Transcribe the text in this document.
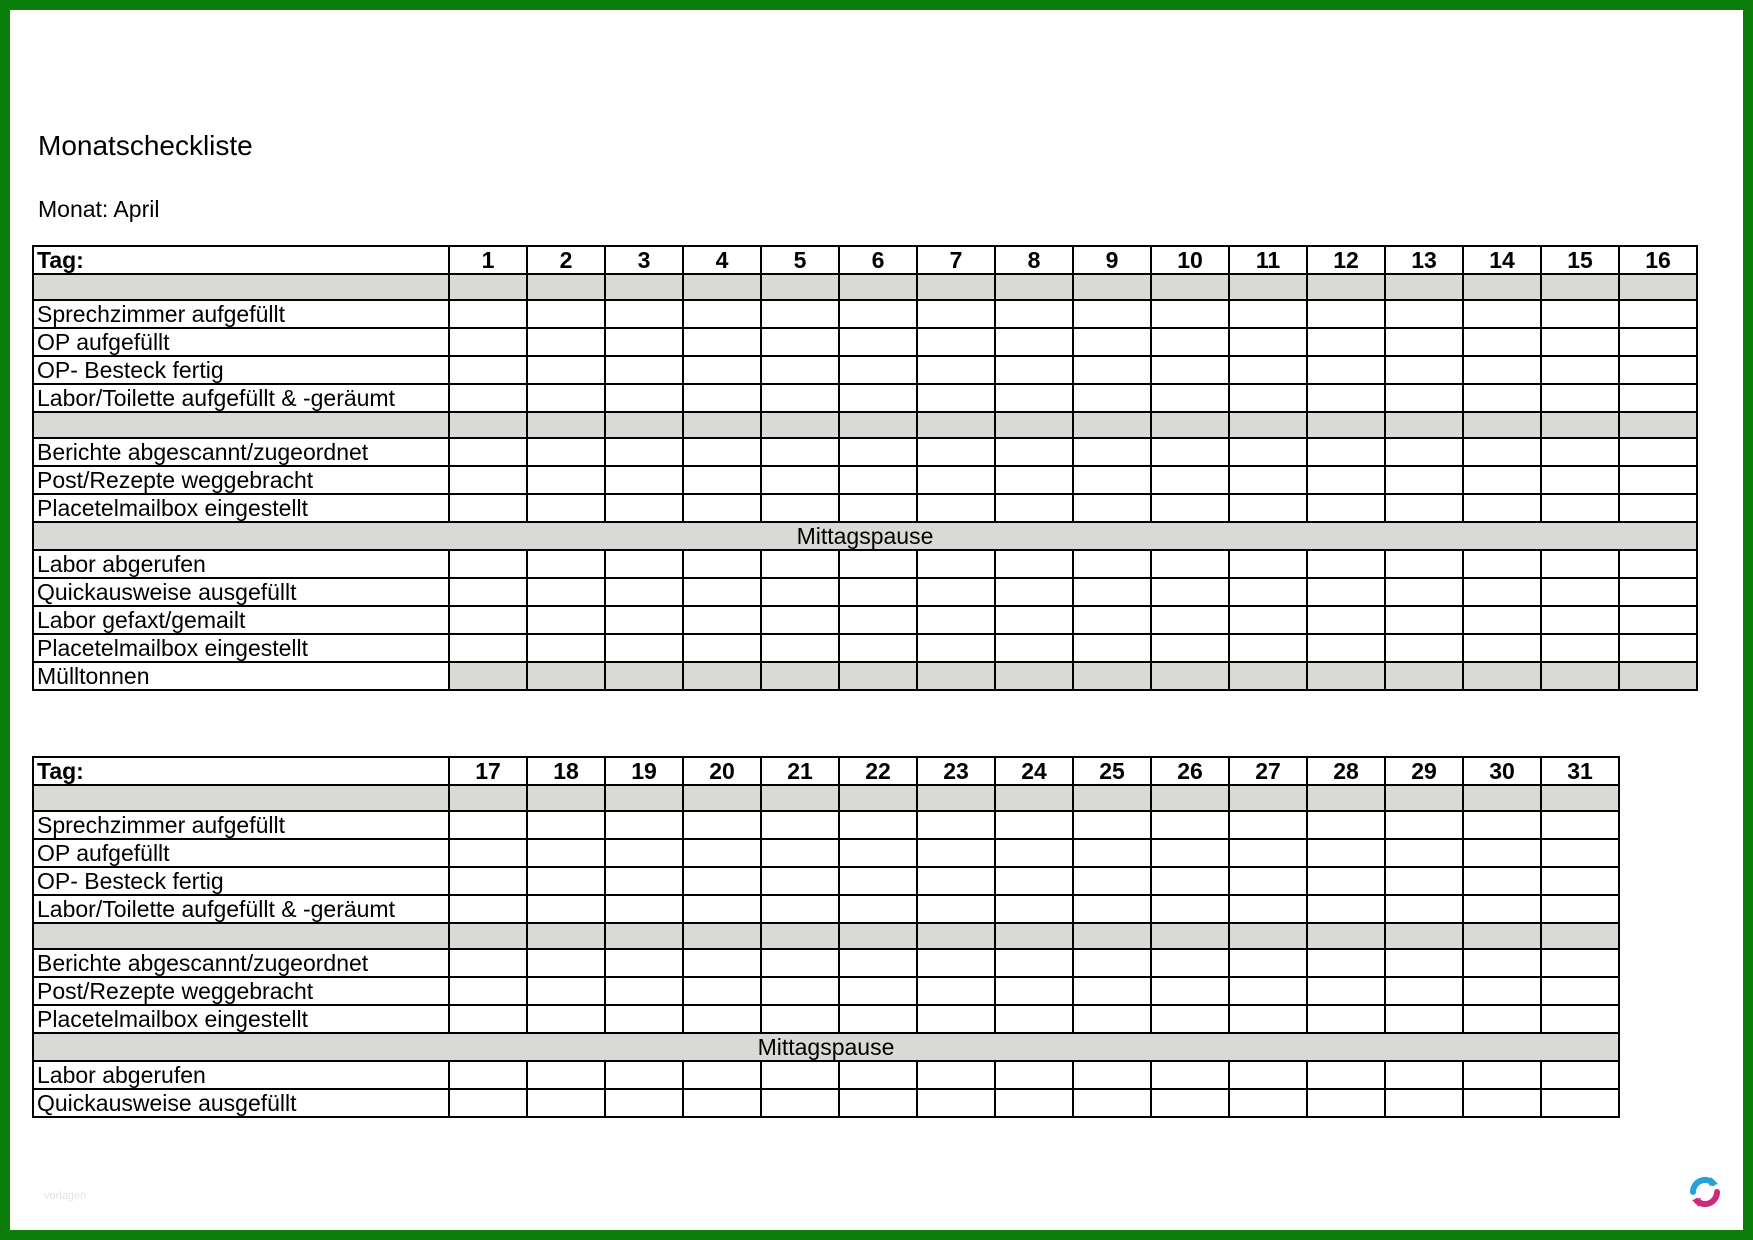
Monatscheckliste
Monat: April
Tag:	1	2	3	4	5	6	7	8	9	10	11	12	13	14	15	16

Sprechzimmer aufgefüllt																
OP aufgefüllt																
OP- Besteck fertig																
Labor/Toilette aufgefüllt & -geräumt																

Berichte abgescannt/zugeordnet																
Post/Rezepte weggebracht																
Placetelmailbox eingestellt																
Mittagspause																
Labor abgerufen																
Quickausweise ausgefüllt																
Labor gefaxt/gemailt																
Placetelmailbox eingestellt																
Mülltonnen																
Tag:	17	18	19	20	21	22	23	24	25	26	27	28	29	30	31

Sprechzimmer aufgefüllt															
OP aufgefüllt															
OP- Besteck fertig															
Labor/Toilette aufgefüllt & -geräumt															

Berichte abgescannt/zugeordnet															
Post/Rezepte weggebracht															
Placetelmailbox eingestellt															
Mittagspause															
Labor abgerufen															
Quickausweise ausgefüllt															
vorlagen
